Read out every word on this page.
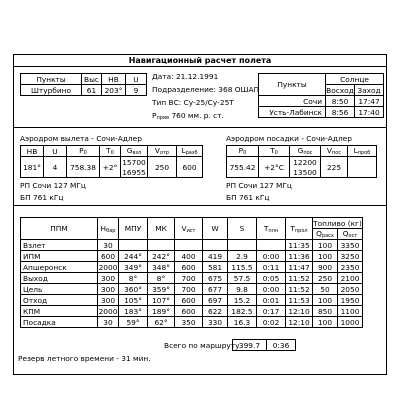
Навигационный расчет полета
Пункты	Выс	НВ	U
Штурбино	61	203°	9
Дата: 21.12.1991
Подразделение: 368 ОШАП
Тип ВС: Су-25/Су-25Т
$Р_{прив}$ 760 мм. р. ст.
Пункты	Солнце	
	Восход	Заход
Сочи	8:50	17:47
Усть-Лабинск	8:56	17:40
Аэродром вылета - Сочи-Адлер
НВ	U	$P_0$	$T_0$	$G_{взл}$	$V_{отр}$	$L_{разб}$
181°	4	758.38	+2°	15700	250	600
				16955		
РП Сочи 127 МГц
БП 761 кГц
Аэродром посадки - Сочи-Адлер
$P_0$	$T_0$	$G_{пос}$	$V_{пос}$	$L_{проб}$
755.42	+2°C	12200	225	
		13500		
РП Сочи 127 МГц
БП 761 кГц
ППМ	$Н_{бар}$	МПУ	МК	$V_{ист}$	W	S	$T_{плн}$	$T_{прол}$	Топливо (кг)	
									$Q_{расх}$	$Q_{ост}$
Взлет	30							11:35	100	3350
ИПМ	600	244°	242°	400	419	2.9	0:00	11:36	100	3250
Апшеронск	2000	349°	348°	600	581	115.5	0:11	11:47	900	2350
Выход	300	8°	8°	700	675	57.5	0:05	11:52	250	2100
Цель	300	360°	359°	700	677	9.8	0:00	11:52	50	2050
Отход	300	105°	107°	600	697	15.2	0:01	11:53	100	1950
КПМ	2000	183°	189°	600	622	182.5	0:17	12:10	850	1100
Посадка	30	59°	62°	350	330	16.3	0:02	12:10	100	1000
Всего по маршруту 399.7	0:36
Резерв летного времени - 31 мин.
